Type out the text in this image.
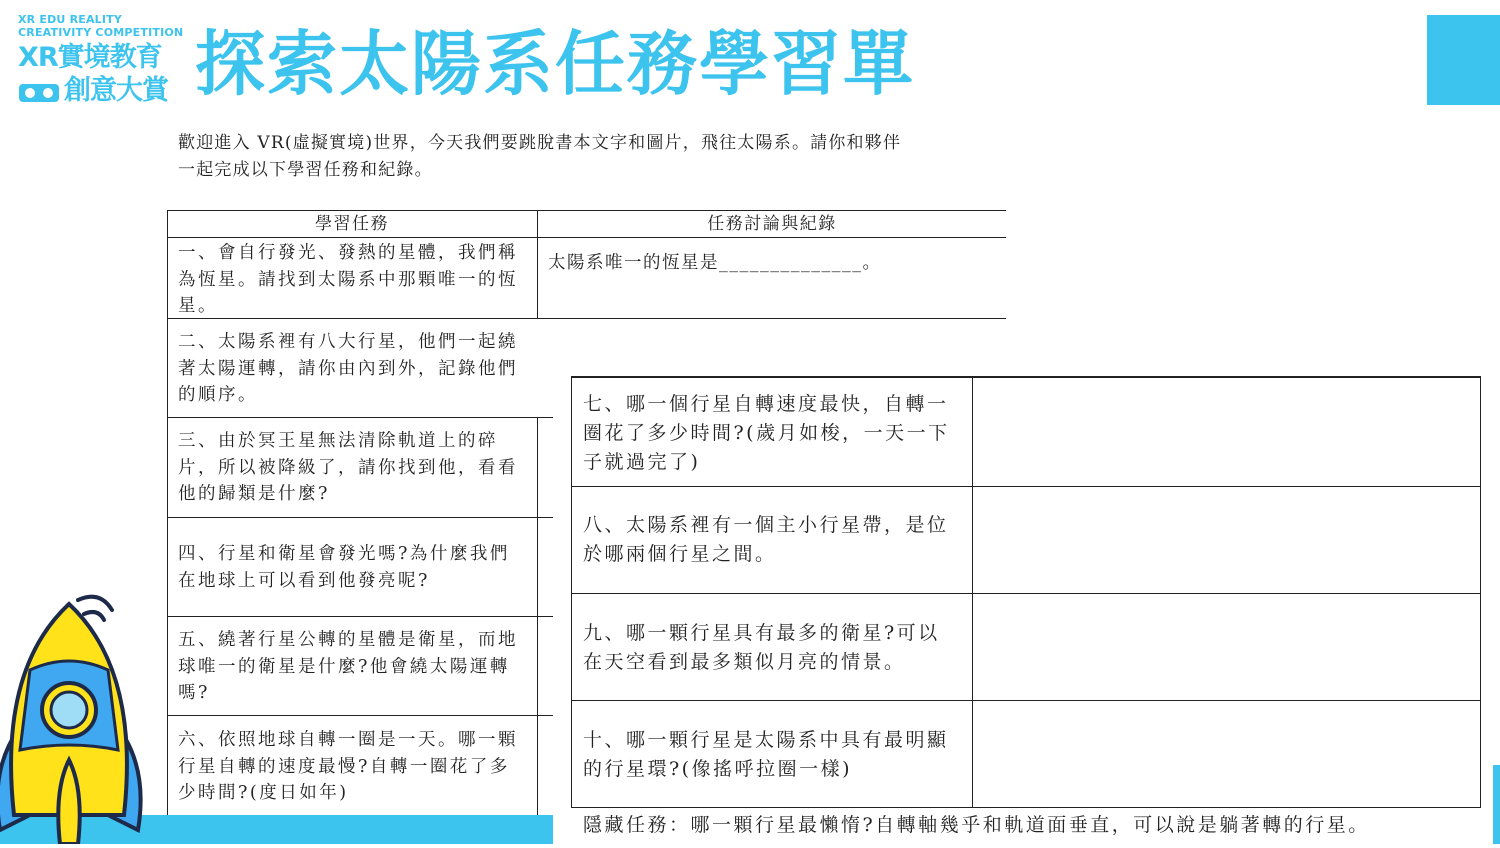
XR EDU REALITY
CREATIVITY COMPETITION
XR實境教育
創意大賞 探索太陽系任務學習單
歡迎進入 VR(虛擬實境)世界，今天我們要跳脫書本文字和圖片，飛往太陽系。請你和夥伴
一起完成以下學習任務和紀錄。
學習任務	任務討論與紀錄
太陽系唯一的恆星是______________。
一、會自行發光、發熱的星體，我們稱
為恆星。請找到太陽系中那顆唯一的恆
星。
二、太陽系裡有八大行星，他們一起繞
著太陽運轉，請你由內到外，記錄他們
的順序。
三、由於冥王星無法清除軌道上的碎
片，所以被降級了，請你找到他，看看
他的歸類是什麼?
四、行星和衛星會發光嗎?為什麼我們
在地球上可以看到他發亮呢?
五、繞著行星公轉的星體是衛星，而地
球唯一的衛星是什麼?他會繞太陽運轉
嗎?
六、依照地球自轉一圈是一天。哪一顆
行星自轉的速度最慢?自轉一圈花了多
少時間?(度日如年)
七、哪一個行星自轉速度最快，自轉一
圈花了多少時間?(歲月如梭，一天一下
子就過完了)
八、太陽系裡有一個主小行星帶，是位
於哪兩個行星之間。
九、哪一顆行星具有最多的衛星?可以
在天空看到最多類似月亮的情景。
十、哪一顆行星是太陽系中具有最明顯
的行星環?(像搖呼拉圈一樣)
隱藏任務：哪一顆行星最懶惰?自轉軸幾乎和軌道面垂直，可以說是躺著轉的行星。
